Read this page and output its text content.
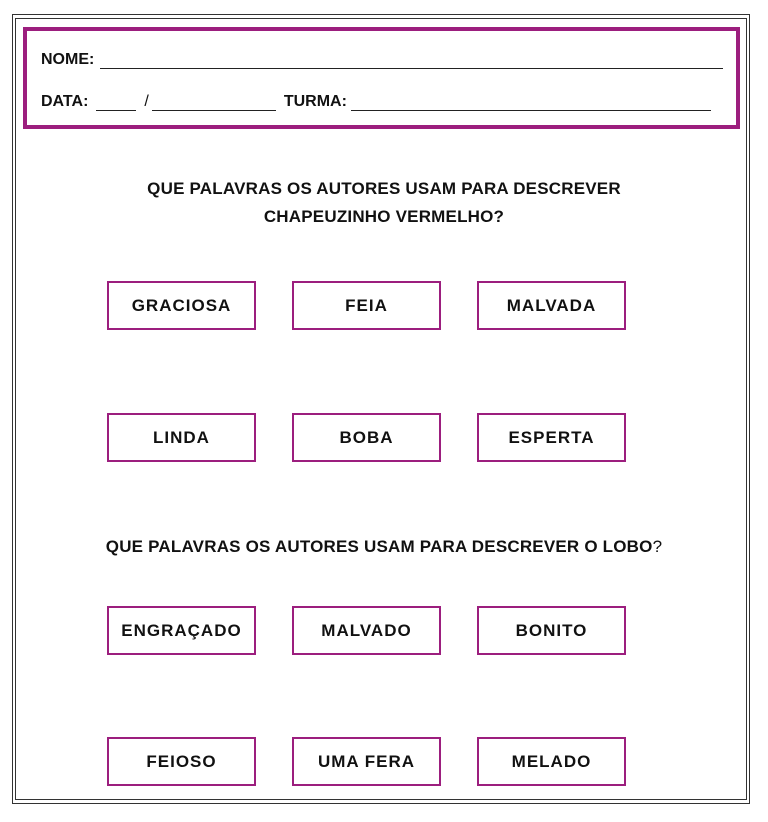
NOME:
DATA:	/	TURMA:
QUE PALAVRAS OS AUTORES USAM PARA DESCREVER
CHAPEUZINHO VERMELHO?
GRACIOSA	FEIA	MALVADA
LINDA	BOBA	ESPERTA
QUE PALAVRAS OS AUTORES USAM PARA DESCREVER O LOBO?
ENGRAÇADO	MALVADO	BONITO
FEIOSO	UMA FERA	MELADO
